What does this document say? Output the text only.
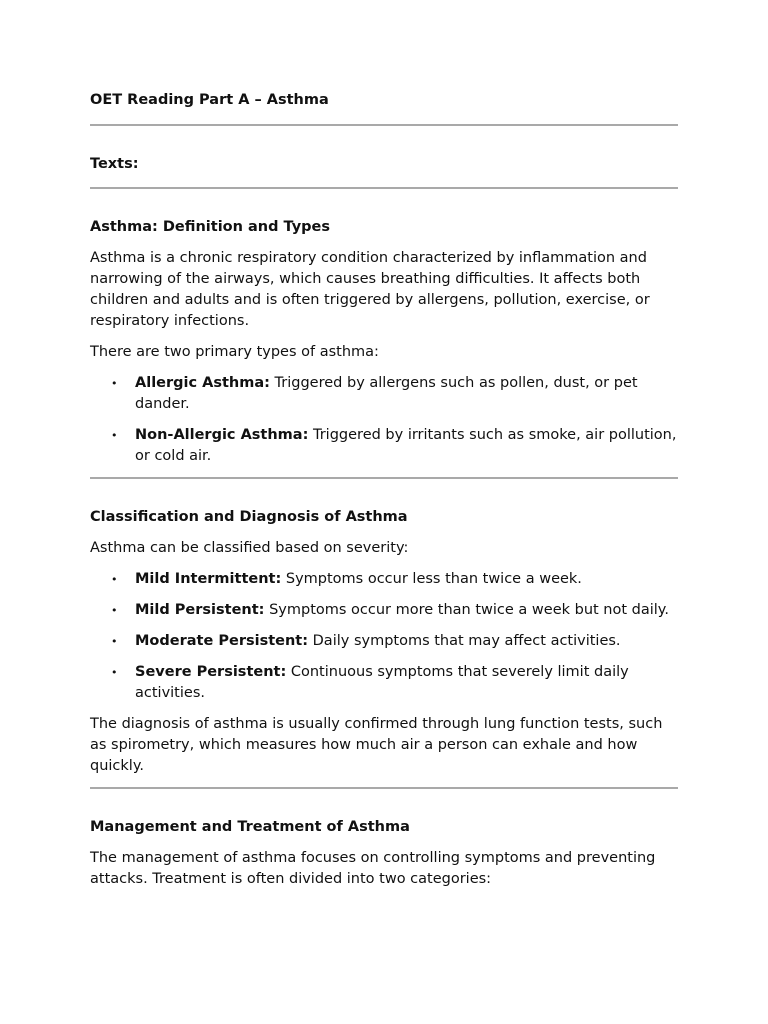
OET Reading Part A – Asthma
Texts:
Asthma: Definition and Types

Asthma is a chronic respiratory condition characterized by inflammation and narrowing of the airways, which causes breathing difficulties. It affects both children and adults and is often triggered by allergens, pollution, exercise, or respiratory infections.

There are two primary types of asthma:

• Allergic Asthma: Triggered by allergens such as pollen, dust, or pet dander.
• Non-Allergic Asthma: Triggered by irritants such as smoke, air pollution, or cold air.
Classification and Diagnosis of Asthma

Asthma can be classified based on severity:

• Mild Intermittent: Symptoms occur less than twice a week.
• Mild Persistent: Symptoms occur more than twice a week but not daily.
• Moderate Persistent: Daily symptoms that may affect activities.
• Severe Persistent: Continuous symptoms that severely limit daily activities.

The diagnosis of asthma is usually confirmed through lung function tests, such as spirometry, which measures how much air a person can exhale and how quickly.

Management and Treatment of Asthma

The management of asthma focuses on controlling symptoms and preventing attacks. Treatment is often divided into two categories:
